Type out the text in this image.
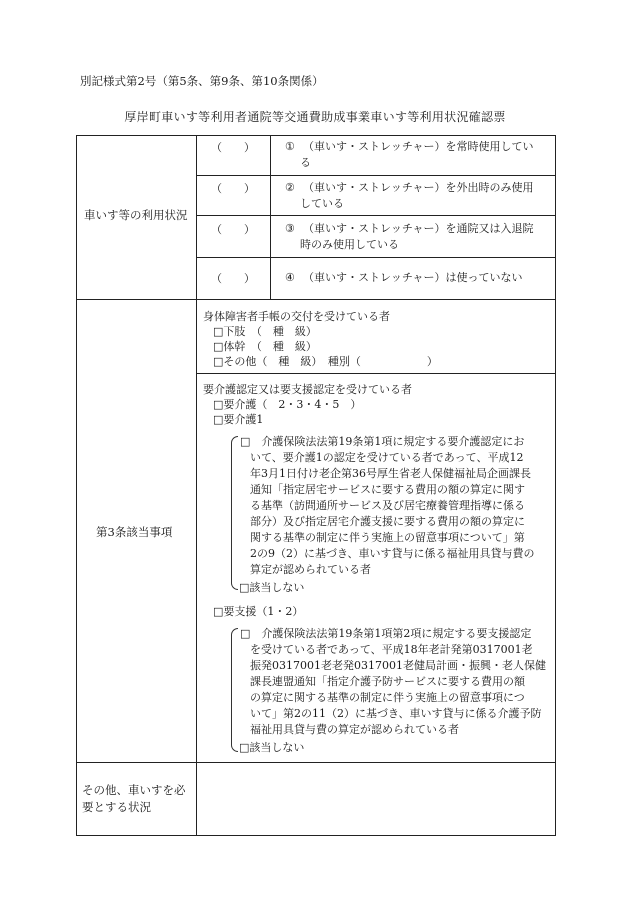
別記様式第2号（第5条、第9条、第10条関係）
厚岸町車いす等利用者通院等交通費助成事業車いす等利用状況確認票
車いす等の利用状況
（　　）	① （車いす・ストレッチャー）を常時使用してい
る
（　　）	② （車いす・ストレッチャー）を外出時のみ使用
している
（　　）	③ （車いす・ストレッチャー）を通院又は入退院
時のみ使用している
（　　）	④ （車いす・ストレッチャー）は使っていない
第3条該当事項
身体障害者手帳の交付を受けている者
□下肢　（　種　級）
□体幹　（　種　級）
□その他（　種　級）　種別（　　　　　　）
要介護認定又は要支援認定を受けている者
□要介護（　2・3・4・5　）
□要介護1
□　介護保険法法第19条第1項に規定する要介護認定にお
いて、要介護1の認定を受けている者であって、平成12
年3月1日付け老企第36号厚生省老人保健福祉局企画課長
通知「指定居宅サービスに要する費用の額の算定に関す
る基準（訪問通所サービス及び居宅療養管理指導に係る
部分）及び指定居宅介護支援に要する費用の額の算定に
関する基準の制定に伴う実施上の留意事項について」第
2の9（2）に基づき、車いす貸与に係る福祉用具貸与費の
算定が認められている者
□該当しない
□要支援（1・2）
□　介護保険法法第19条第1項第2項に規定する要支援認定
を受けている者であって、平成18年老計発第0317001老
振発0317001老老発0317001老健局計画・振興・老人保健
課長連盟通知「指定介護予防サービスに要する費用の額
の算定に関する基準の制定に伴う実施上の留意事項につ
いて」第2の11（2）に基づき、車いす貸与に係る介護予防
福祉用具貸与費の算定が認められている者
□該当しない
その他、車いすを必
要とする状況
